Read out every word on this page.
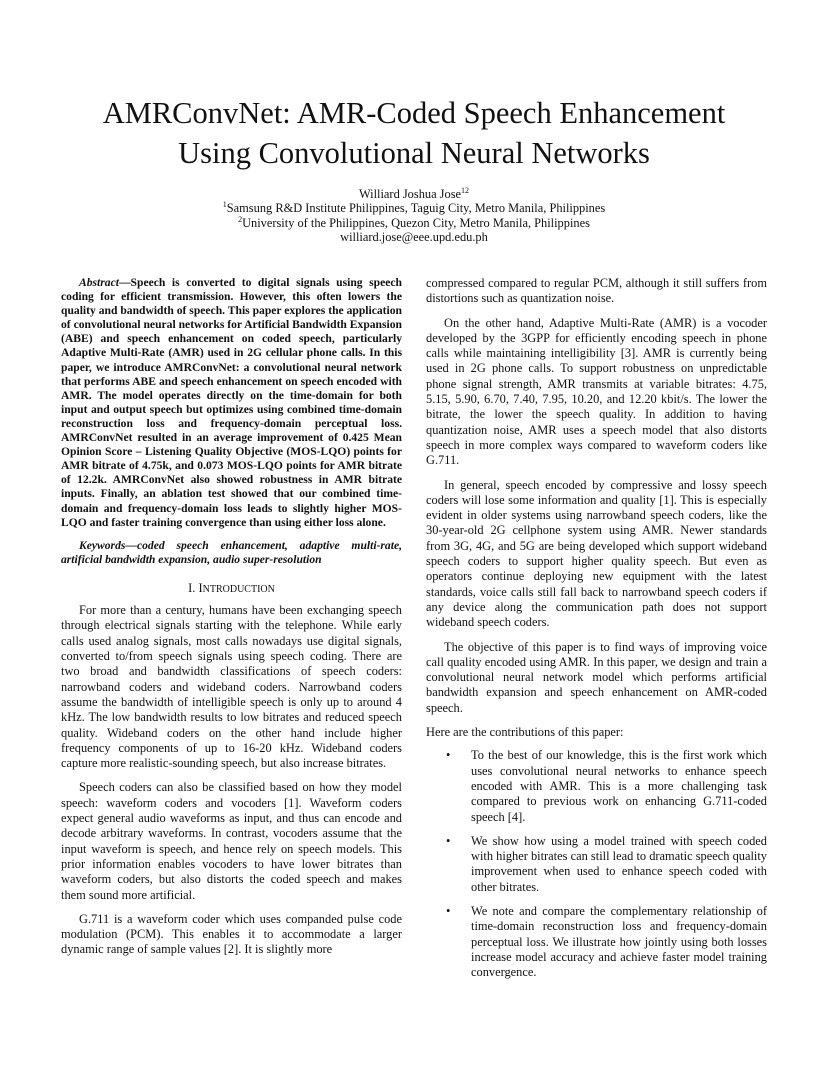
AMRConvNet: AMR-Coded Speech Enhancement
Using Convolutional Neural Networks
Williard Joshua Jose$^{12}$
$^1$Samsung R&D Institute Philippines, Taguig City, Metro Manila, Philippines
$^2$University of the Philippines, Quezon City, Metro Manila, Philippines
williard.jose@eee.upd.edu.ph

Abstract—Speech is converted to digital signals using speech coding for efficient transmission. However, this often lowers the quality and bandwidth of speech. This paper explores the application of convolutional neural networks for Artificial Bandwidth Expansion (ABE) and speech enhancement on coded speech, particularly Adaptive Multi-Rate (AMR) used in 2G cellular phone calls. In this paper, we introduce AMRConvNet: a convolutional neural network that performs ABE and speech enhancement on speech encoded with AMR. The model operates directly on the time-domain for both input and output speech but optimizes using combined time-domain reconstruction loss and frequency-domain perceptual loss. AMRConvNet resulted in an average improvement of 0.425 Mean Opinion Score – Listening Quality Objective (MOS-LQO) points for AMR bitrate of 4.75k, and 0.073 MOS-LQO points for AMR bitrate of 12.2k. AMRConvNet also showed robustness in AMR bitrate inputs. Finally, an ablation test showed that our combined time-domain and frequency-domain loss leads to slightly higher MOS-LQO and faster training convergence than using either loss alone.

Keywords—coded speech enhancement, adaptive multi-rate, artificial bandwidth expansion, audio super-resolution

I. INTRODUCTION

For more than a century, humans have been exchanging speech through electrical signals starting with the telephone. While early calls used analog signals, most calls nowadays use digital signals, converted to/from speech signals using speech coding. There are two broad and bandwidth classifications of speech coders: narrowband coders and wideband coders. Narrowband coders assume the bandwidth of intelligible speech is only up to around 4 kHz. The low bandwidth results to low bitrates and reduced speech quality. Wideband coders on the other hand include higher frequency components of up to 16-20 kHz. Wideband coders capture more realistic-sounding speech, but also increase bitrates.

Speech coders can also be classified based on how they model speech: waveform coders and vocoders [1]. Waveform coders expect general audio waveforms as input, and thus can encode and decode arbitrary waveforms. In contrast, vocoders assume that the input waveform is speech, and hence rely on speech models. This prior information enables vocoders to have lower bitrates than waveform coders, but also distorts the coded speech and makes them sound more artificial.

G.711 is a waveform coder which uses companded pulse code modulation (PCM). This enables it to accommodate a larger dynamic range of sample values [2]. It is slightly more

compressed compared to regular PCM, although it still suffers from distortions such as quantization noise.

On the other hand, Adaptive Multi-Rate (AMR) is a vocoder developed by the 3GPP for efficiently encoding speech in phone calls while maintaining intelligibility [3]. AMR is currently being used in 2G phone calls. To support robustness on unpredictable phone signal strength, AMR transmits at variable bitrates: 4.75, 5.15, 5.90, 6.70, 7.40, 7.95, 10.20, and 12.20 kbit/s. The lower the bitrate, the lower the speech quality. In addition to having quantization noise, AMR uses a speech model that also distorts speech in more complex ways compared to waveform coders like G.711.

In general, speech encoded by compressive and lossy speech coders will lose some information and quality [1]. This is especially evident in older systems using narrowband speech coders, like the 30-year-old 2G cellphone system using AMR. Newer standards from 3G, 4G, and 5G are being developed which support wideband speech coders to support higher quality speech. But even as operators continue deploying new equipment with the latest standards, voice calls still fall back to narrowband speech coders if any device along the communication path does not support wideband speech coders.

The objective of this paper is to find ways of improving voice call quality encoded using AMR. In this paper, we design and train a convolutional neural network model which performs artificial bandwidth expansion and speech enhancement on AMR-coded speech.

Here are the contributions of this paper:

• To the best of our knowledge, this is the first work which uses convolutional neural networks to enhance speech encoded with AMR. This is a more challenging task compared to previous work on enhancing G.711-coded speech [4].
• We show how using a model trained with speech coded with higher bitrates can still lead to dramatic speech quality improvement when used to enhance speech coded with other bitrates.
• We note and compare the complementary relationship of time-domain reconstruction loss and frequency-domain perceptual loss. We illustrate how jointly using both losses increase model accuracy and achieve faster model training convergence.
